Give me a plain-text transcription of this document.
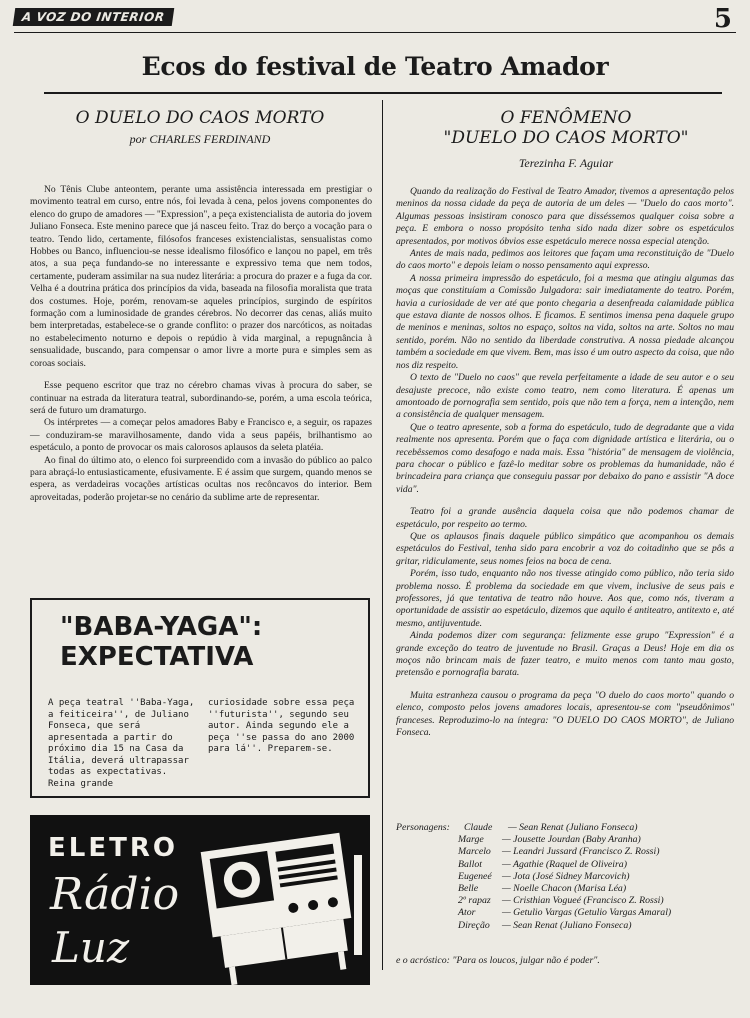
A VOZ DO INTERIOR	5
Ecos do festival de Teatro Amador
O DUELO DO CAOS MORTO
por CHARLES FERDINAND

No Tênis Clube anteontem, perante uma assistência interessada em prestigiar o movimento teatral em curso, entre nós, foi levada à cena, pelos jovens componentes do elenco do grupo de amadores — "Expression", a peça existencialista de autoria do jovem Juliano Fonseca. Este menino parece que já nasceu feito. Traz do berço a vocação para o teatro. Tendo lido, certamente, filósofos franceses existencialistas, sensualistas como Hobbes ou Banco, influenciou-se nesse idealismo filosófico e lançou no papel, em três atos, a sua peça fundando-se no interessante e expressivo tema que nem todos, certamente, puderam assimilar na sua nudez literária: a procura do prazer e a fuga da cor. Velha é a doutrina prática dos princípios da vida, baseada na filosofia moralista que trata dos costumes. Hoje, porém, renovam-se aqueles princípios, surgindo de espíritos formação com a luminosidade de grandes cérebros. No decorrer das cenas, aliás muito bem interpretadas, estabelece-se o grande conflito: o prazer dos narcóticos, as noitadas no estabelecimento noturno e depois o repúdio à vida marginal, a repugnância à sensualidade, buscando, para compensar o amor livre a morte pura e simples sem as coroas sociais.

Esse pequeno escritor que traz no cérebro chamas vivas à procura do saber, se continuar na estrada da literatura teatral, subordinando-se, porém, a uma escola teórica, será de futuro um dramaturgo.

Os intérpretes — a começar pelos amadores Baby e Francisco e, a seguir, os rapazes — conduziram-se maravilhosamente, dando vida a seus papéis, brilhantismo ao espetáculo, a ponto de provocar os mais calorosos aplausos da seleta platéia.

Ao final do último ato, o elenco foi surpreendido com a invasão do público ao palco para abraçá-lo entusiasticamente, efusivamente. E é assim que surgem, quando menos se espera, as verdadeiras vocações artísticas ocultas nos recôncavos do interior. Bem aproveitadas, poderão projetar-se no cenário da sublime arte de representar.

"BABA-YAGA": EXPECTATIVA
A peça teatral ''Baba-Yaga, a feiticeira'', de Juliano Fonseca, que será apresentada a partir do próximo dia 15 na Casa da Itália, deverá ultrapassar todas as expectativas. Reina grande
curiosidade sobre essa peça ''futurista'', segundo seu autor. Ainda segundo ele a peça ''se passa do ano 2000 para lá''. Preparem-se.
ELETRO
Rádio
Luz
O FENÔMENO
"DUELO DO CAOS MORTO"
Terezinha F. Aguiar

Quando da realização do Festival de Teatro Amador, tivemos a apresentação pelos meninos da nossa cidade da peça de autoria de um deles — "Duelo do caos morto". Algumas pessoas insistiram conosco para que disséssemos qualquer coisa sobre a peça. E embora o nosso propósito tenha sido nada dizer sobre os espetáculos apresentados, por motivos óbvios esse espetáculo merece nossa especial atenção.

Antes de mais nada, pedimos aos leitores que façam uma reconstituição de "Duelo do caos morto" e depois leiam o nosso pensamento aqui expresso.

A nossa primeira impressão do espetáculo, foi a mesma que atingiu algumas das moças que constituíam a Comissão Julgadora: sair imediatamente do teatro. Porém, havia a curiosidade de ver até que ponto chegaria a desenfreada calamidade pública que estava diante de nossos olhos. E ficamos. E sentimos imensa pena daquele grupo de meninos e meninas, soltos no espaço, soltos na vida, soltos na arte. Soltos no mau sentido, porém. Não no sentido da liberdade construtiva. A nossa piedade alcançou também a sociedade em que vivem. Bem, mas isso é um outro aspecto da coisa, que não nos diz respeito.

O texto de "Duelo no caos" que revela perfeitamente a idade de seu autor e o seu desajuste precoce, não existe como teatro, nem como literatura. É apenas um amontoado de pornografia sem sentido, pois que não tem a força, nem a intenção, nem a consistência de qualquer mensagem.

Que o teatro apresente, sob a forma do espetáculo, tudo de degradante que a vida realmente nos apresenta. Porém que o faça com dignidade artística e literária, ou o recebêssemos como desafogo e nada mais. Essa "história" de mensagem de violência, para chocar o público e fazê-lo meditar sobre os problemas da humanidade, não é brincadeira para criança que conseguiu passar por debaixo do pano e assistir "A doce vida".

Teatro foi a grande ausência daquela coisa que não podemos chamar de espetáculo, por respeito ao termo.

Que os aplausos finais daquele público simpático que acompanhou os demais espetáculos do Festival, tenha sido para encobrir a voz do coitadinho que se pôs a gritar, ridiculamente, seus nomes feios na boca de cena.

Porém, isso tudo, enquanto não nos tivesse atingido como público, não teria sido problema nosso. É problema da sociedade em que vivem, inclusive de seus pais e professores, já que tentativa de teatro não houve. Aos que, como nós, tiveram a oportunidade de assistir ao espetáculo, dizemos que aquilo é antiteatro, antitexto e, até mesmo, antijuventude.

Ainda podemos dizer com segurança: felizmente esse grupo "Expression" é a grande exceção do teatro de juventude no Brasil. Graças a Deus! Hoje em dia os moços não brincam mais de fazer teatro, e muito menos com tanto mau gosto, pretensão e pornografia barata.

Muita estranheza causou o programa da peça "O duelo do caos morto" quando o elenco, composto pelos jovens amadores locais, apresentou-se com "pseudônimos" franceses. Reproduzimo-lo na íntegra: "O DUELO DO CAOS MORTO", de Juliano Fonseca.

Personagens:	Claude	— Sean Renat (Juliano Fonseca)
Marge	— Jousette Jourdan (Baby Aranha)
Marcelo	— Leandri Jussard (Francisco Z. Rossi)
Ballot	— Agathie (Raquel de Oliveira)
Eugeneé	— Jota (José Sidney Marcovich)
Belle	— Noelle Chacon (Marisa Léa)
2º rapaz	— Cristhian Vogueé (Francisco Z. Rossi)
Ator	— Getulio Vargas (Getulio Vargas Amaral)
Direção	— Sean Renat (Juliano Fonseca)
e o acróstico: "Para os loucos, julgar não é poder".
